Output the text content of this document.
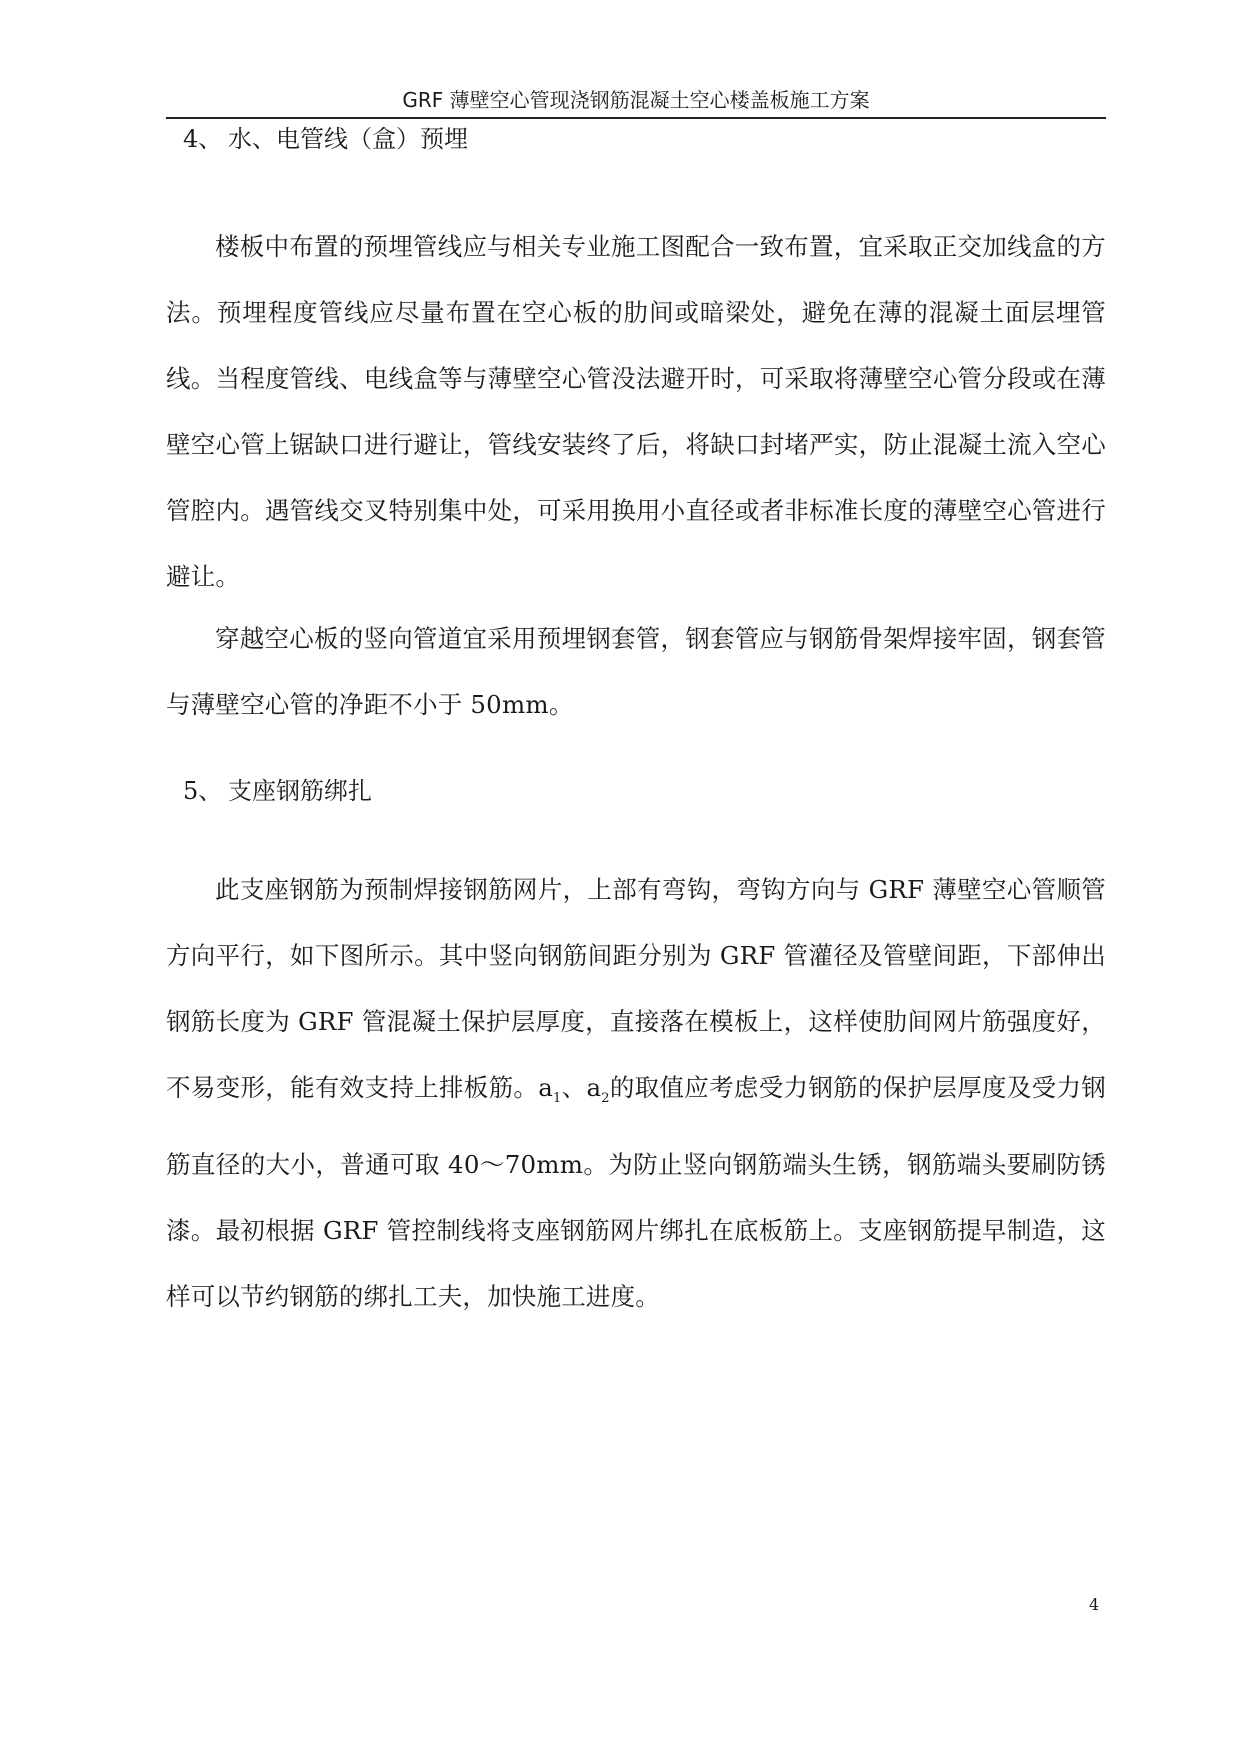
GRF 薄壁空心管现浇钢筋混凝土空心楼盖板施工方案
4、 水、电管线（盒）预埋

楼板中布置的预埋管线应与相关专业施工图配合一致布置，宜采取正交加线盒的方法。预埋程度管线应尽量布置在空心板的肋间或暗梁处，避免在薄的混凝土面层埋管线。当程度管线、电线盒等与薄壁空心管没法避开时，可采取将薄壁空心管分段或在薄壁空心管上锯缺口进行避让，管线安装终了后，将缺口封堵严实，防止混凝土流入空心管腔内。遇管线交叉特别集中处，可采用换用小直径或者非标准长度的薄壁空心管进行避让。

穿越空心板的竖向管道宜采用预埋钢套管，钢套管应与钢筋骨架焊接牢固，钢套管与薄壁空心管的净距不小于 50mm。

5、 支座钢筋绑扎

此支座钢筋为预制焊接钢筋网片，上部有弯钩，弯钩方向与 GRF 薄壁空心管顺管方向平行，如下图所示。其中竖向钢筋间距分别为 GRF 管灌径及管壁间距，下部伸出钢筋长度为 GRF 管混凝土保护层厚度，直接落在模板上，这样使肋间网片筋强度好，不易变形，能有效支持上排板筋。$a_1$、$a_2$的取值应考虑受力钢筋的保护层厚度及受力钢筋直径的大小，普通可取 40～70mm。为防止竖向钢筋端头生锈，钢筋端头要刷防锈漆。最初根据 GRF 管控制线将支座钢筋网片绑扎在底板筋上。支座钢筋提早制造，这样可以节约钢筋的绑扎工夫，加快施工进度。

4
